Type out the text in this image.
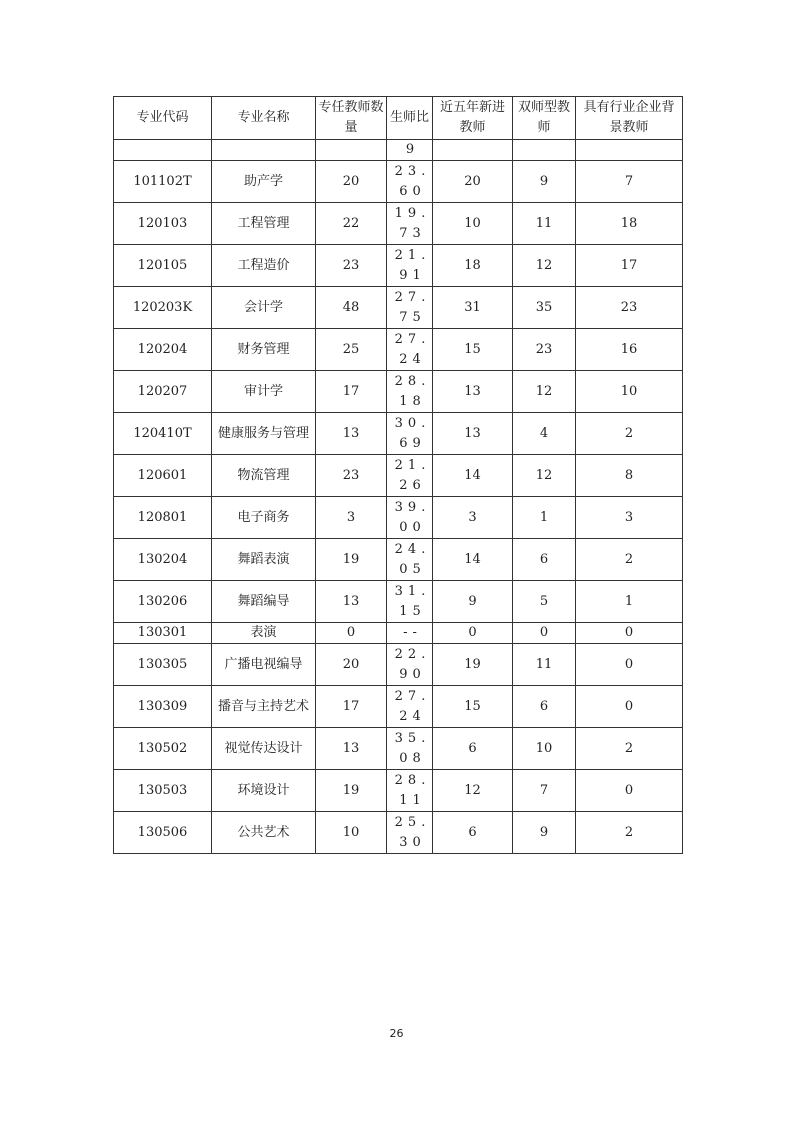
专业代码	专业名称	专任教师数量	生师比	近五年新进教师	双师型教师	具有行业企业背景教师
			9			
101102T	助产学	20	23.60	20	9	7
120103	工程管理	22	19.73	10	11	18
120105	工程造价	23	21.91	18	12	17
120203K	会计学	48	27.75	31	35	23
120204	财务管理	25	27.24	15	23	16
120207	审计学	17	28.18	13	12	10
120410T	健康服务与管理	13	30.69	13	4	2
120601	物流管理	23	21.26	14	12	8
120801	电子商务	3	39.00	3	1	3
130204	舞蹈表演	19	24.05	14	6	2
130206	舞蹈编导	13	31.15	9	5	1
130301	表演	0	--	0	0	0
130305	广播电视编导	20	22.90	19	11	0
130309	播音与主持艺术	17	27.24	15	6	0
130502	视觉传达设计	13	35.08	6	10	2
130503	环境设计	19	28.11	12	7	0
130506	公共艺术	10	25.30	6	9	2
26
